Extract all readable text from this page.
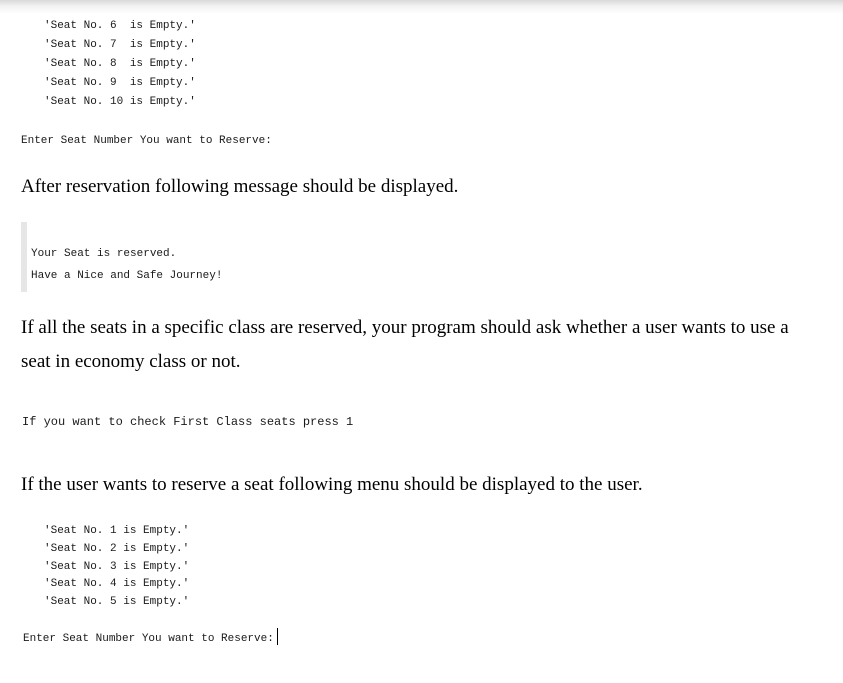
'Seat No. 6  is Empty.'
'Seat No. 7  is Empty.'
'Seat No. 8  is Empty.'
'Seat No. 9  is Empty.'
'Seat No. 10 is Empty.'
Enter Seat Number You want to Reserve:
After reservation following message should be displayed.
Your Seat is reserved.
Have a Nice and Safe Journey!
If all the seats in a specific class are reserved, your program should ask whether a user wants to use a seat in economy class or not.
If you want to check First Class seats press 1
If the user wants to reserve a seat following menu should be displayed to the user.
'Seat No. 1 is Empty.'
'Seat No. 2 is Empty.'
'Seat No. 3 is Empty.'
'Seat No. 4 is Empty.'
'Seat No. 5 is Empty.'
Enter Seat Number You want to Reserve:
